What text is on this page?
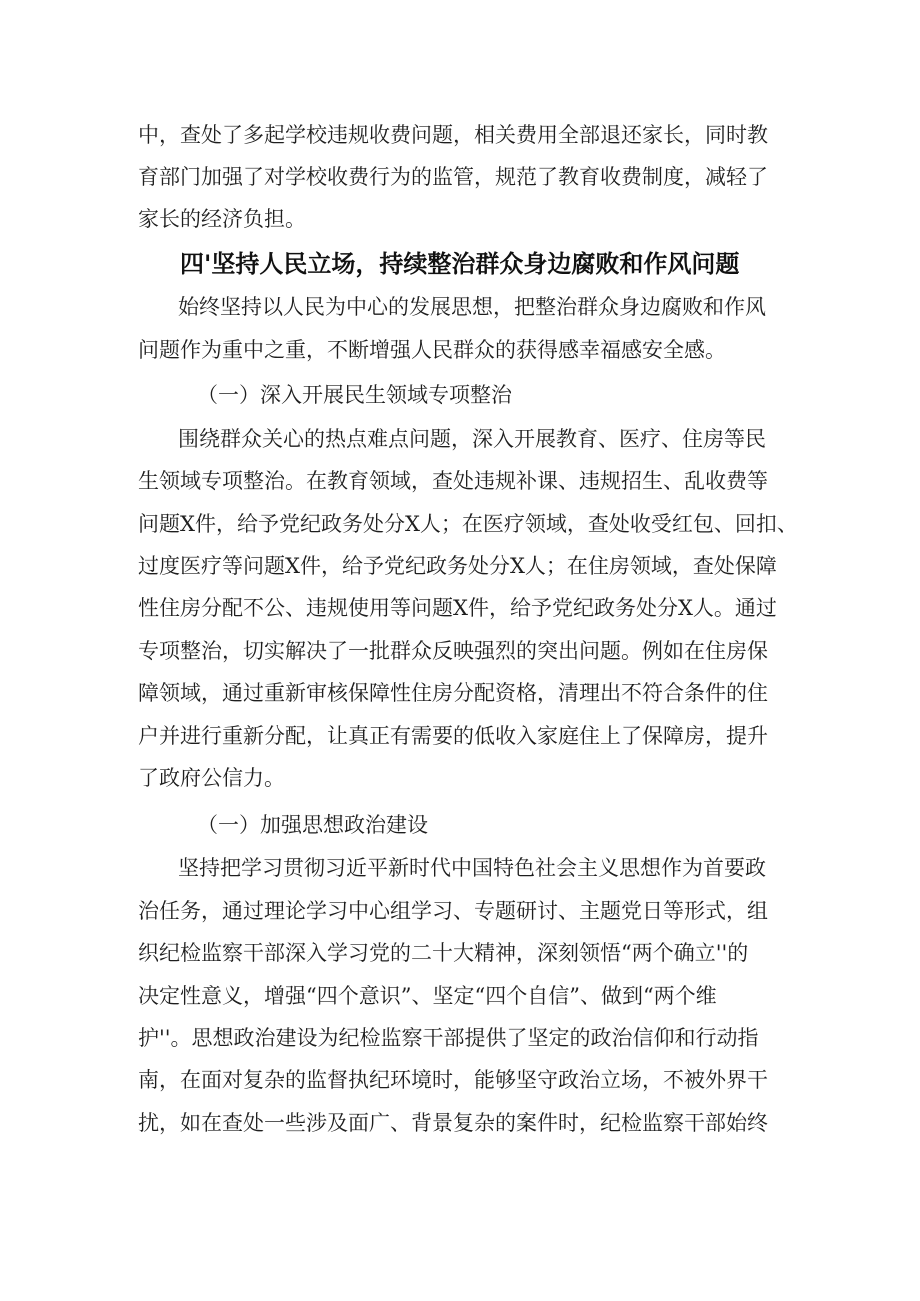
中，查处了多起学校违规收费问题，相关费用全部退还家长，同时教
育部门加强了对学校收费行为的监管，规范了教育收费制度，减轻了
家长的经济负担。
四'坚持人民立场，持续整治群众身边腐败和作风问题
始终坚持以人民为中心的发展思想，把整治群众身边腐败和作风
问题作为重中之重，不断增强人民群众的获得感幸福感安全感。
（一）深入开展民生领域专项整治
围绕群众关心的热点难点问题，深入开展教育、医疗、住房等民
生领域专项整治。在教育领域，查处违规补课、违规招生、乱收费等
问题X件，给予党纪政务处分X人；在医疗领域，查处收受红包、回扣、
过度医疗等问题X件，给予党纪政务处分X人；在住房领域，查处保障
性住房分配不公、违规使用等问题X件，给予党纪政务处分X人。通过
专项整治，切实解决了一批群众反映强烈的突出问题。例如在住房保
障领域，通过重新审核保障性住房分配资格，清理出不符合条件的住
户并进行重新分配，让真正有需要的低收入家庭住上了保障房，提升
了政府公信力。
（一）加强思想政治建设
坚持把学习贯彻习近平新时代中国特色社会主义思想作为首要政
治任务，通过理论学习中心组学习、专题研讨、主题党日等形式，组
织纪检监察干部深入学习党的二十大精神，深刻领悟“两个确立''的
决定性意义，增强“四个意识”、坚定“四个自信”、做到“两个维
护''。思想政治建设为纪检监察干部提供了坚定的政治信仰和行动指
南，在面对复杂的监督执纪环境时，能够坚守政治立场，不被外界干
扰，如在查处一些涉及面广、背景复杂的案件时，纪检监察干部始终
